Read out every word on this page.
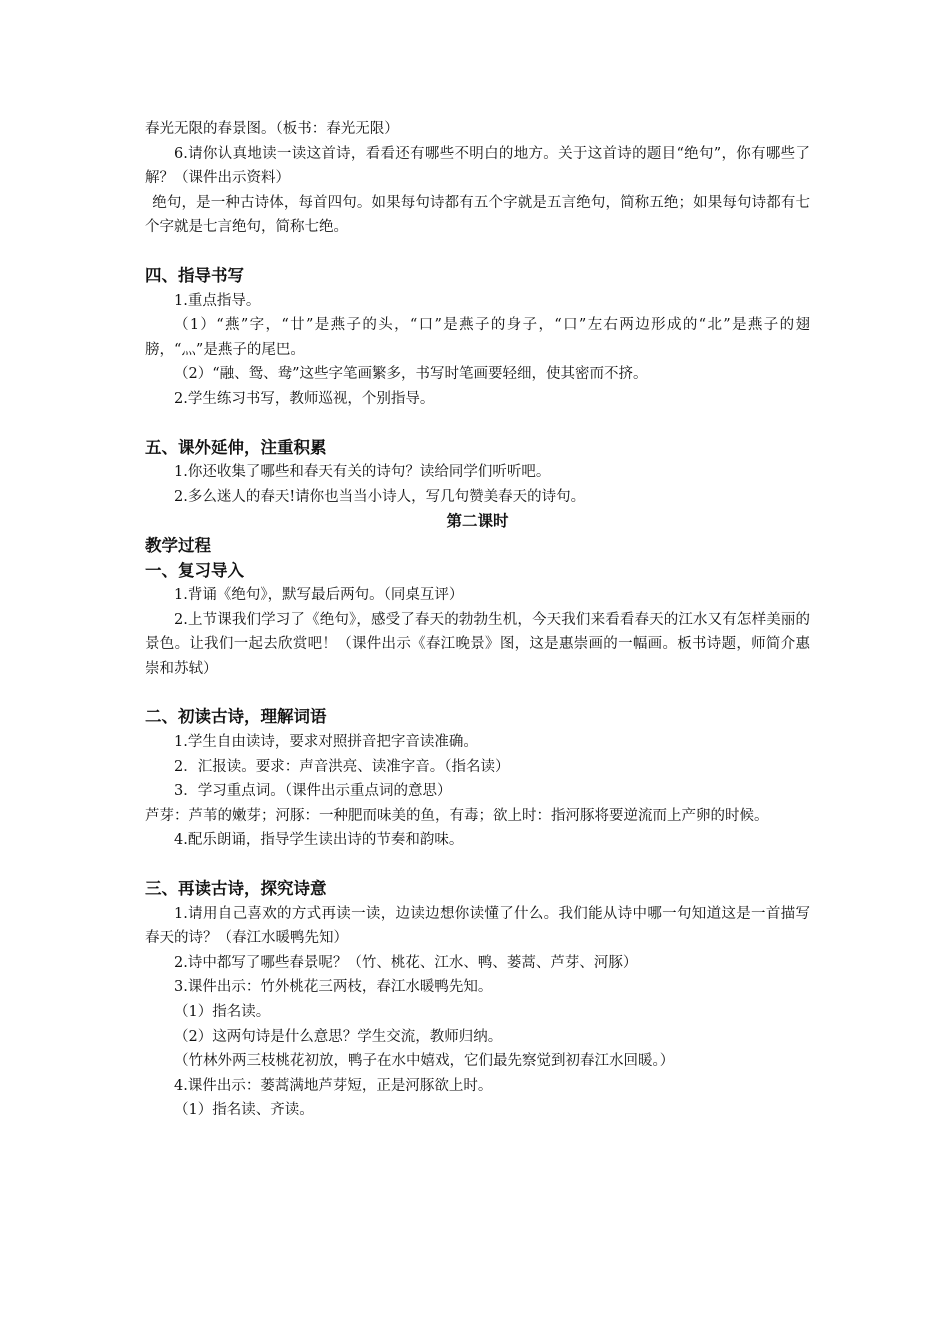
春光无限的春景图。（板书：春光无限）

6.请你认真地读一读这首诗，看看还有哪些不明白的地方。关于这首诗的题目“绝句”，你有哪些了解？（课件出示资料）

绝句，是一种古诗体，每首四句。如果每句诗都有五个字就是五言绝句，简称五绝；如果每句诗都有七个字就是七言绝句，简称七绝。

四、指导书写

1.重点指导。

（1）“燕”字，“廿”是燕子的头，“口”是燕子的身子，“口”左右两边形成的“北”是燕子的翅膀，“灬”是燕子的尾巴。

（2）“融、鸳、鸯”这些字笔画繁多，书写时笔画要轻细，使其密而不挤。

2.学生练习书写，教师巡视，个别指导。

五、课外延伸，注重积累

1.你还收集了哪些和春天有关的诗句？读给同学们听听吧。

2.多么迷人的春天!请你也当当小诗人，写几句赞美春天的诗句。

第二课时
教学过程
一、复习导入

1.背诵《绝句》，默写最后两句。（同桌互评）

2.上节课我们学习了《绝句》，感受了春天的勃勃生机，今天我们来看看春天的江水又有怎样美丽的景色。让我们一起去欣赏吧！（课件出示《春江晚景》图，这是惠崇画的一幅画。板书诗题，师简介惠崇和苏轼）

二、初读古诗，理解词语

1.学生自由读诗，要求对照拼音把字音读准确。

2．汇报读。要求：声音洪亮、读准字音。（指名读）

3．学习重点词。（课件出示重点词的意思）

芦芽：芦苇的嫩芽；河豚：一种肥而味美的鱼，有毒；欲上时：指河豚将要逆流而上产卵的时候。

4.配乐朗诵，指导学生读出诗的节奏和韵味。

三、再读古诗，探究诗意

1.请用自己喜欢的方式再读一读，边读边想你读懂了什么。我们能从诗中哪一句知道这是一首描写春天的诗？（春江水暖鸭先知）

2.诗中都写了哪些春景呢？（竹、桃花、江水、鸭、蒌蒿、芦芽、河豚）

3.课件出示：竹外桃花三两枝，春江水暖鸭先知。

（1）指名读。

（2）这两句诗是什么意思？学生交流，教师归纳。

（竹林外两三枝桃花初放，鸭子在水中嬉戏，它们最先察觉到初春江水回暖。）

4.课件出示：蒌蒿满地芦芽短，正是河豚欲上时。

（1）指名读、齐读。
